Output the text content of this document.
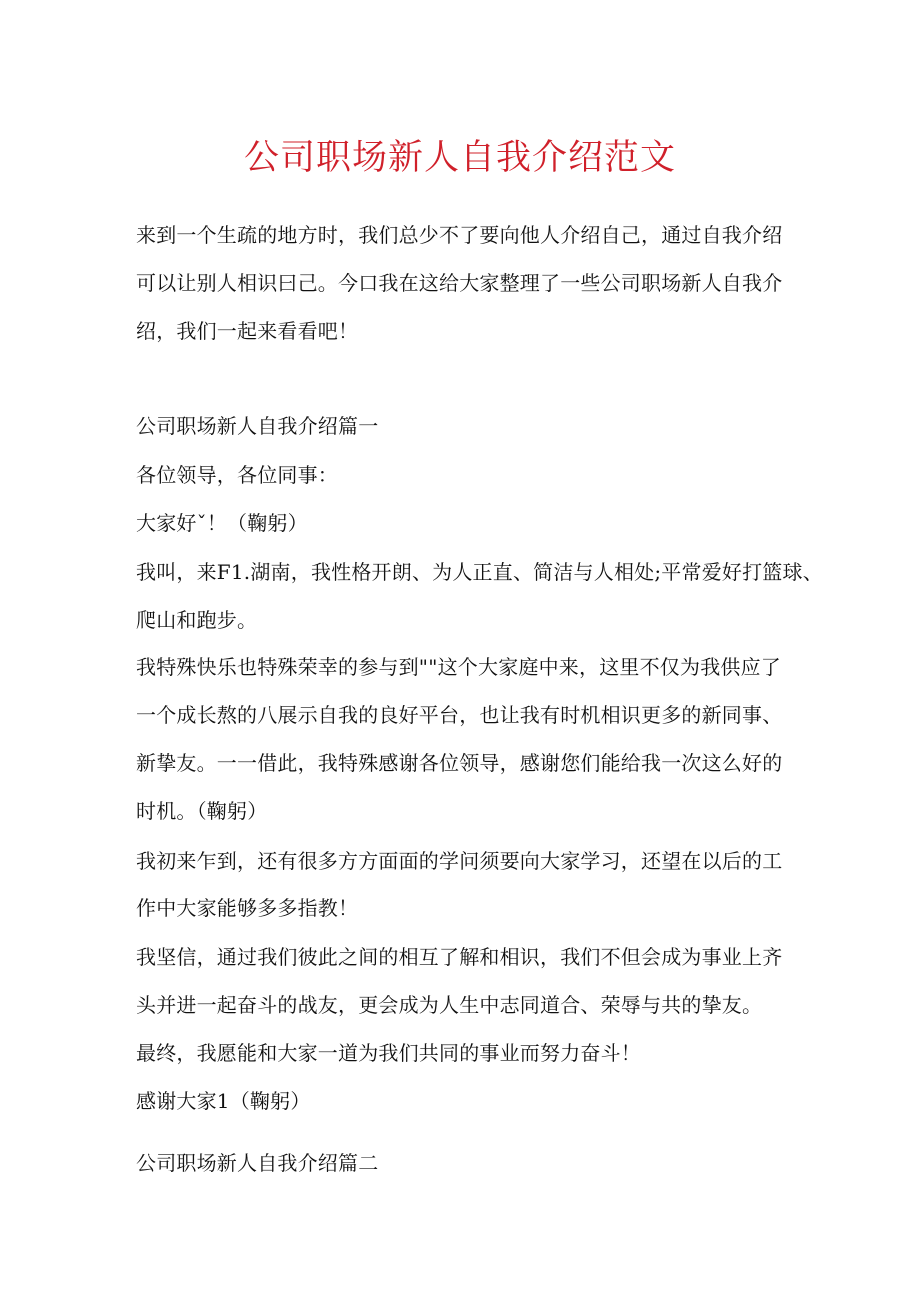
公司职场新人自我介绍范文
来到一个生疏的地方时，我们总少不了要向他人介绍自己，通过自我介绍
可以让别人相识曰己。今口我在这给大家整理了一些公司职场新人自我介
绍，我们一起来看看吧！
公司职场新人自我介绍篇一
各位领导，各位同事：
大家好ˇ！（鞠躬）
我叫，来F1.湖南，我性格开朗、为人正直、简洁与人相处;平常爱好打篮球、
爬山和跑步。
我特殊快乐也特殊荣幸的参与到""这个大家庭中来，这里不仅为我供应了
一个成长熬的八展示自我的良好平台，也让我有时机相识更多的新同事、
新挚友。一一借此，我特殊感谢各位领导，感谢您们能给我一次这么好的
时机。（鞠躬）
我初来乍到，还有很多方方面面的学问须要向大家学习，还望在以后的工
作中大家能够多多指教！
我坚信，通过我们彼此之间的相互了解和相识，我们不但会成为事业上齐
头并进一起奋斗的战友，更会成为人生中志同道合、荣辱与共的挚友。
最终，我愿能和大家一道为我们共同的事业而努力奋斗！
感谢大家1（鞠躬）
公司职场新人自我介绍篇二
